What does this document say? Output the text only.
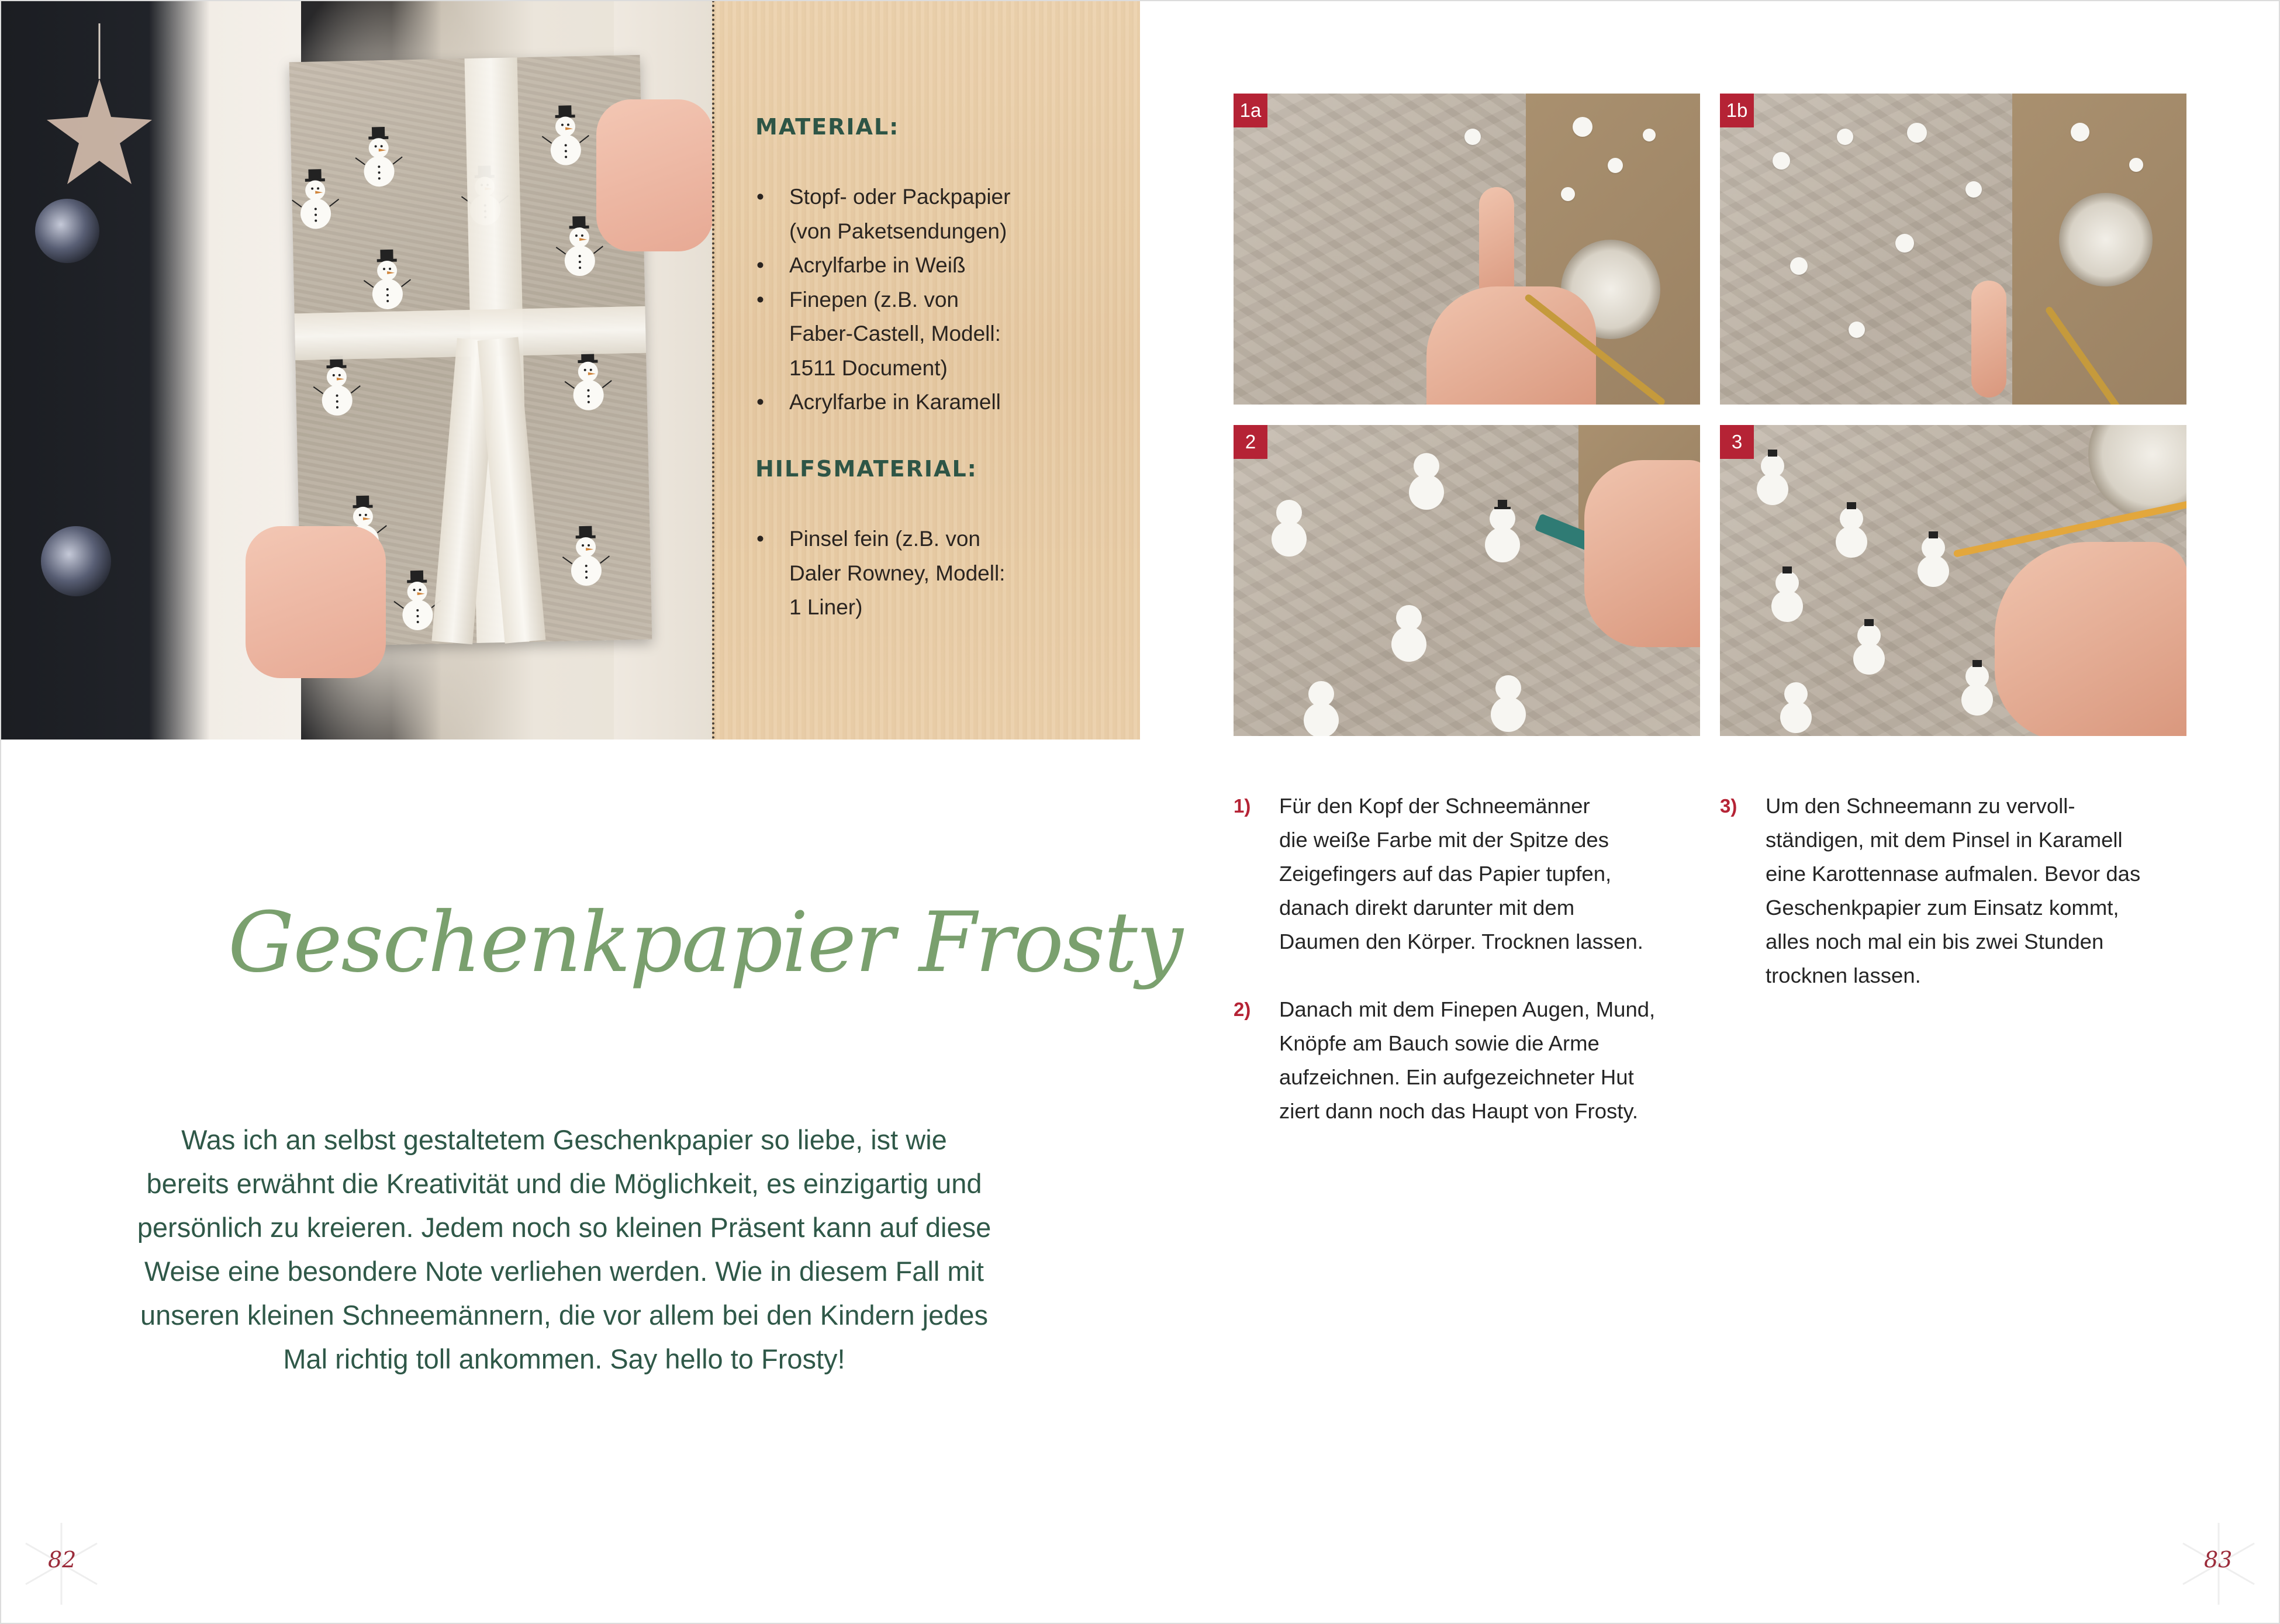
MATERIAL:
• Stopf- oder Packpapier
(von Paketsendungen)
• Acrylfarbe in Weiß
• Finepen (z.B. von
Faber-Castell, Modell:
1511 Document)
• Acrylfarbe in Karamell
HILFSMATERIAL:
• Pinsel fein (z.B. von
Daler Rowney, Modell:
1 Liner)
Geschenkpapier Frosty
Was ich an selbst gestaltetem Geschenkpapier so liebe, ist wie
bereits erwähnt die Kreativität und die Möglichkeit, es einzigartig und
persönlich zu kreieren. Jedem noch so kleinen Präsent kann auf diese
Weise eine besondere Note verliehen werden. Wie in diesem Fall mit
unseren kleinen Schneemännern, die vor allem bei den Kindern jedes
Mal richtig toll ankommen. Say hello to Frosty!
82
1a	1b
2	3
1) Für den Kopf der Schneemänner
die weiße Farbe mit der Spitze des
Zeigefingers auf das Papier tupfen,
danach direkt darunter mit dem
Daumen den Körper. Trocknen lassen.
2) Danach mit dem Finepen Augen, Mund,
Knöpfe am Bauch sowie die Arme
aufzeichnen. Ein aufgezeichneter Hut
ziert dann noch das Haupt von Frosty.
3) Um den Schneemann zu vervoll-
ständigen, mit dem Pinsel in Karamell
eine Karottennase aufmalen. Bevor das
Geschenkpapier zum Einsatz kommt,
alles noch mal ein bis zwei Stunden
trocknen lassen.
83
